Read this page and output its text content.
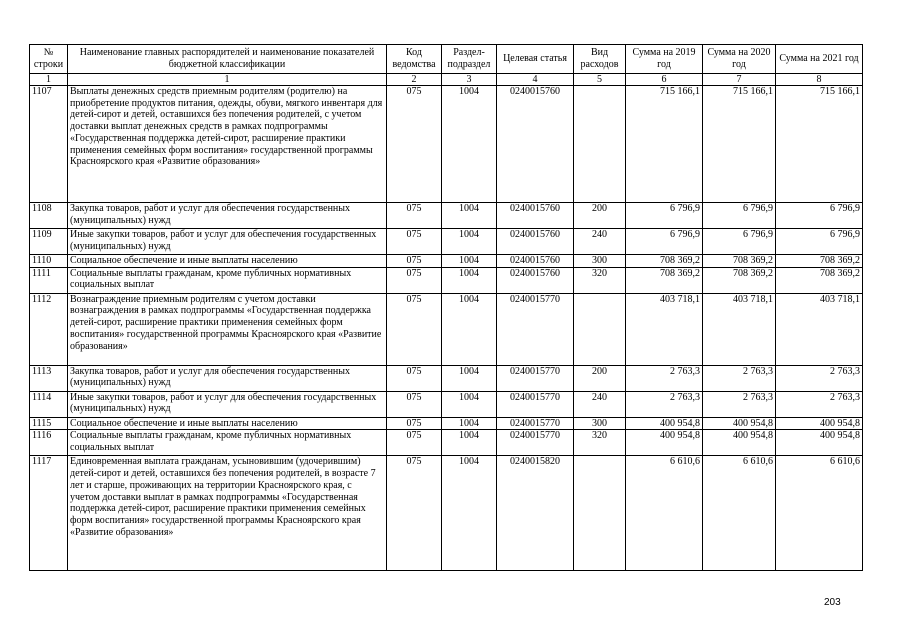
№ строки	Наименование главных распорядителей и наименование показателей бюджетной классификации	Код ведомства	Раздел-подраздел	Целевая статья	Вид расходов	Сумма на 2019 год	Сумма на 2020 год	Сумма на 2021 год
1	1	2	3	4	5	6	7	8
1107	Выплаты денежных средств приемным родителям (родителю) на приобретение продуктов питания, одежды, обуви, мягкого инвентаря для детей-сирот и детей, оставшихся без попечения родителей, с учетом доставки выплат денежных средств в рамках подпрограммы «Государственная поддержка детей-сирот, расширение практики применения семейных форм воспитания» государственной программы Красноярского края «Развитие образования»	075	1004	0240015760		715 166,1	715 166,1	715 166,1
1108	Закупка товаров, работ и услуг для обеспечения государственных (муниципальных) нужд	075	1004	0240015760	200	6 796,9	6 796,9	6 796,9
1109	Иные закупки товаров, работ и услуг для обеспечения государственных (муниципальных) нужд	075	1004	0240015760	240	6 796,9	6 796,9	6 796,9
1110	Социальное обеспечение и иные выплаты населению	075	1004	0240015760	300	708 369,2	708 369,2	708 369,2
1111	Социальные выплаты гражданам, кроме публичных нормативных социальных выплат	075	1004	0240015760	320	708 369,2	708 369,2	708 369,2
1112	Вознаграждение приемным родителям с учетом доставки вознаграждения в рамках подпрограммы «Государственная поддержка детей-сирот, расширение практики применения семейных форм воспитания» государственной программы Красноярского края «Развитие образования»	075	1004	0240015770		403 718,1	403 718,1	403 718,1
1113	Закупка товаров, работ и услуг для обеспечения государственных (муниципальных) нужд	075	1004	0240015770	200	2 763,3	2 763,3	2 763,3
1114	Иные закупки товаров, работ и услуг для обеспечения государственных (муниципальных) нужд	075	1004	0240015770	240	2 763,3	2 763,3	2 763,3
1115	Социальное обеспечение и иные выплаты населению	075	1004	0240015770	300	400 954,8	400 954,8	400 954,8
1116	Социальные выплаты гражданам, кроме публичных нормативных социальных выплат	075	1004	0240015770	320	400 954,8	400 954,8	400 954,8
1117	Единовременная выплата гражданам, усыновившим (удочерившим) детей-сирот и детей, оставшихся без попечения родителей, в возрасте 7 лет и старше, проживающих на территории Красноярского края, с учетом доставки выплат в рамках подпрограммы «Государственная поддержка детей-сирот, расширение практики применения семейных форм воспитания» государственной программы Красноярского края «Развитие образования»	075	1004	0240015820		6 610,6	6 610,6	6 610,6
203
